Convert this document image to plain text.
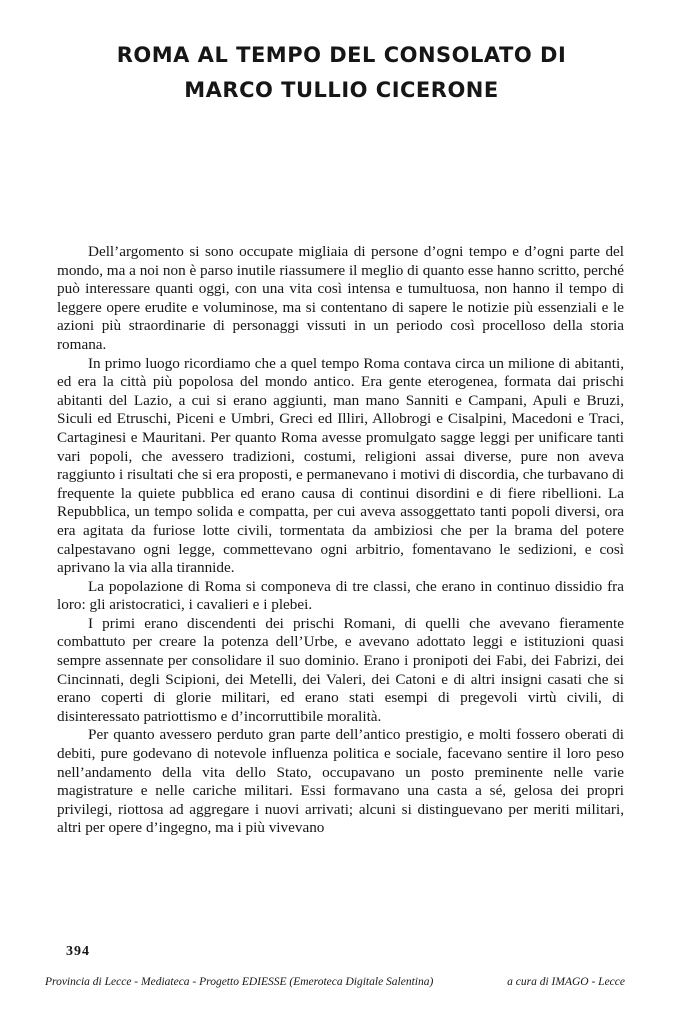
ROMA AL TEMPO DEL CONSOLATO DI
MARCO TULLIO CICERONE

Dell’argomento si sono occupate migliaia di persone d’ogni tempo e d’ogni parte del mondo, ma a noi non è parso inutile riassumere il meglio di quanto esse hanno scritto, perché può interessare quanti oggi, con una vita così intensa e tumultuosa, non hanno il tempo di leggere opere erudite e voluminose, ma si contentano di sapere le notizie più essenziali e le azioni più straordinarie di personaggi vissuti in un periodo così procelloso della storia romana.

In primo luogo ricordiamo che a quel tempo Roma contava circa un milione di abitanti, ed era la città più popolosa del mondo antico. Era gente eterogenea, formata dai prischi abitanti del Lazio, a cui si erano aggiunti, man mano Sanniti e Campani, Apuli e Bruzi, Siculi ed Etruschi, Piceni e Umbri, Greci ed Illiri, Allobrogi e Cisalpini, Macedoni e Traci, Cartaginesi e Mauritani. Per quanto Roma avesse promulgato sagge leggi per unificare tanti vari popoli, che avessero tradizioni, costumi, religioni assai diverse, pure non aveva raggiunto i risultati che si era proposti, e permanevano i motivi di discordia, che turbavano di frequente la quiete pubblica ed erano causa di continui disordini e di fiere ribellioni. La Repubblica, un tempo solida e compatta, per cui aveva assoggettato tanti popoli diversi, ora era agitata da furiose lotte civili, tormentata da ambiziosi che per la brama del potere calpestavano ogni legge, commettevano ogni arbitrio, fomentavano le sedizioni, e così aprivano la via alla tirannide.

La popolazione di Roma si componeva di tre classi, che erano in continuo dissidio fra loro: gli aristocratici, i cavalieri e i plebei.

I primi erano discendenti dei prischi Romani, di quelli che avevano fieramente combattuto per creare la potenza dell’Urbe, e avevano adottato leggi e istituzioni quasi sempre assennate per consolidare il suo dominio. Erano i pronipoti dei Fabi, dei Fabrizi, dei Cincinnati, degli Scipioni, dei Metelli, dei Valeri, dei Catoni e di altri insigni casati che si erano coperti di glorie militari, ed erano stati esempi di pregevoli virtù civili, di disinteressato patriottismo e d’incorruttibile moralità.

Per quanto avessero perduto gran parte dell’antico prestigio, e molti fossero oberati di debiti, pure godevano di notevole influenza politica e sociale, facevano sentire il loro peso nell’andamento della vita dello Stato, occupavano un posto preminente nelle varie magistrature e nelle cariche militari. Essi formavano una casta a sé, gelosa dei propri privilegi, riottosa ad aggregare i nuovi arrivati; alcuni si distinguevano per meriti militari, altri per opere d’ingegno, ma i più vivevano

394
Provincia di Lecce - Mediateca - Progetto EDIESSE (Emeroteca Digitale Salentina)	a cura di IMAGO - Lecce
